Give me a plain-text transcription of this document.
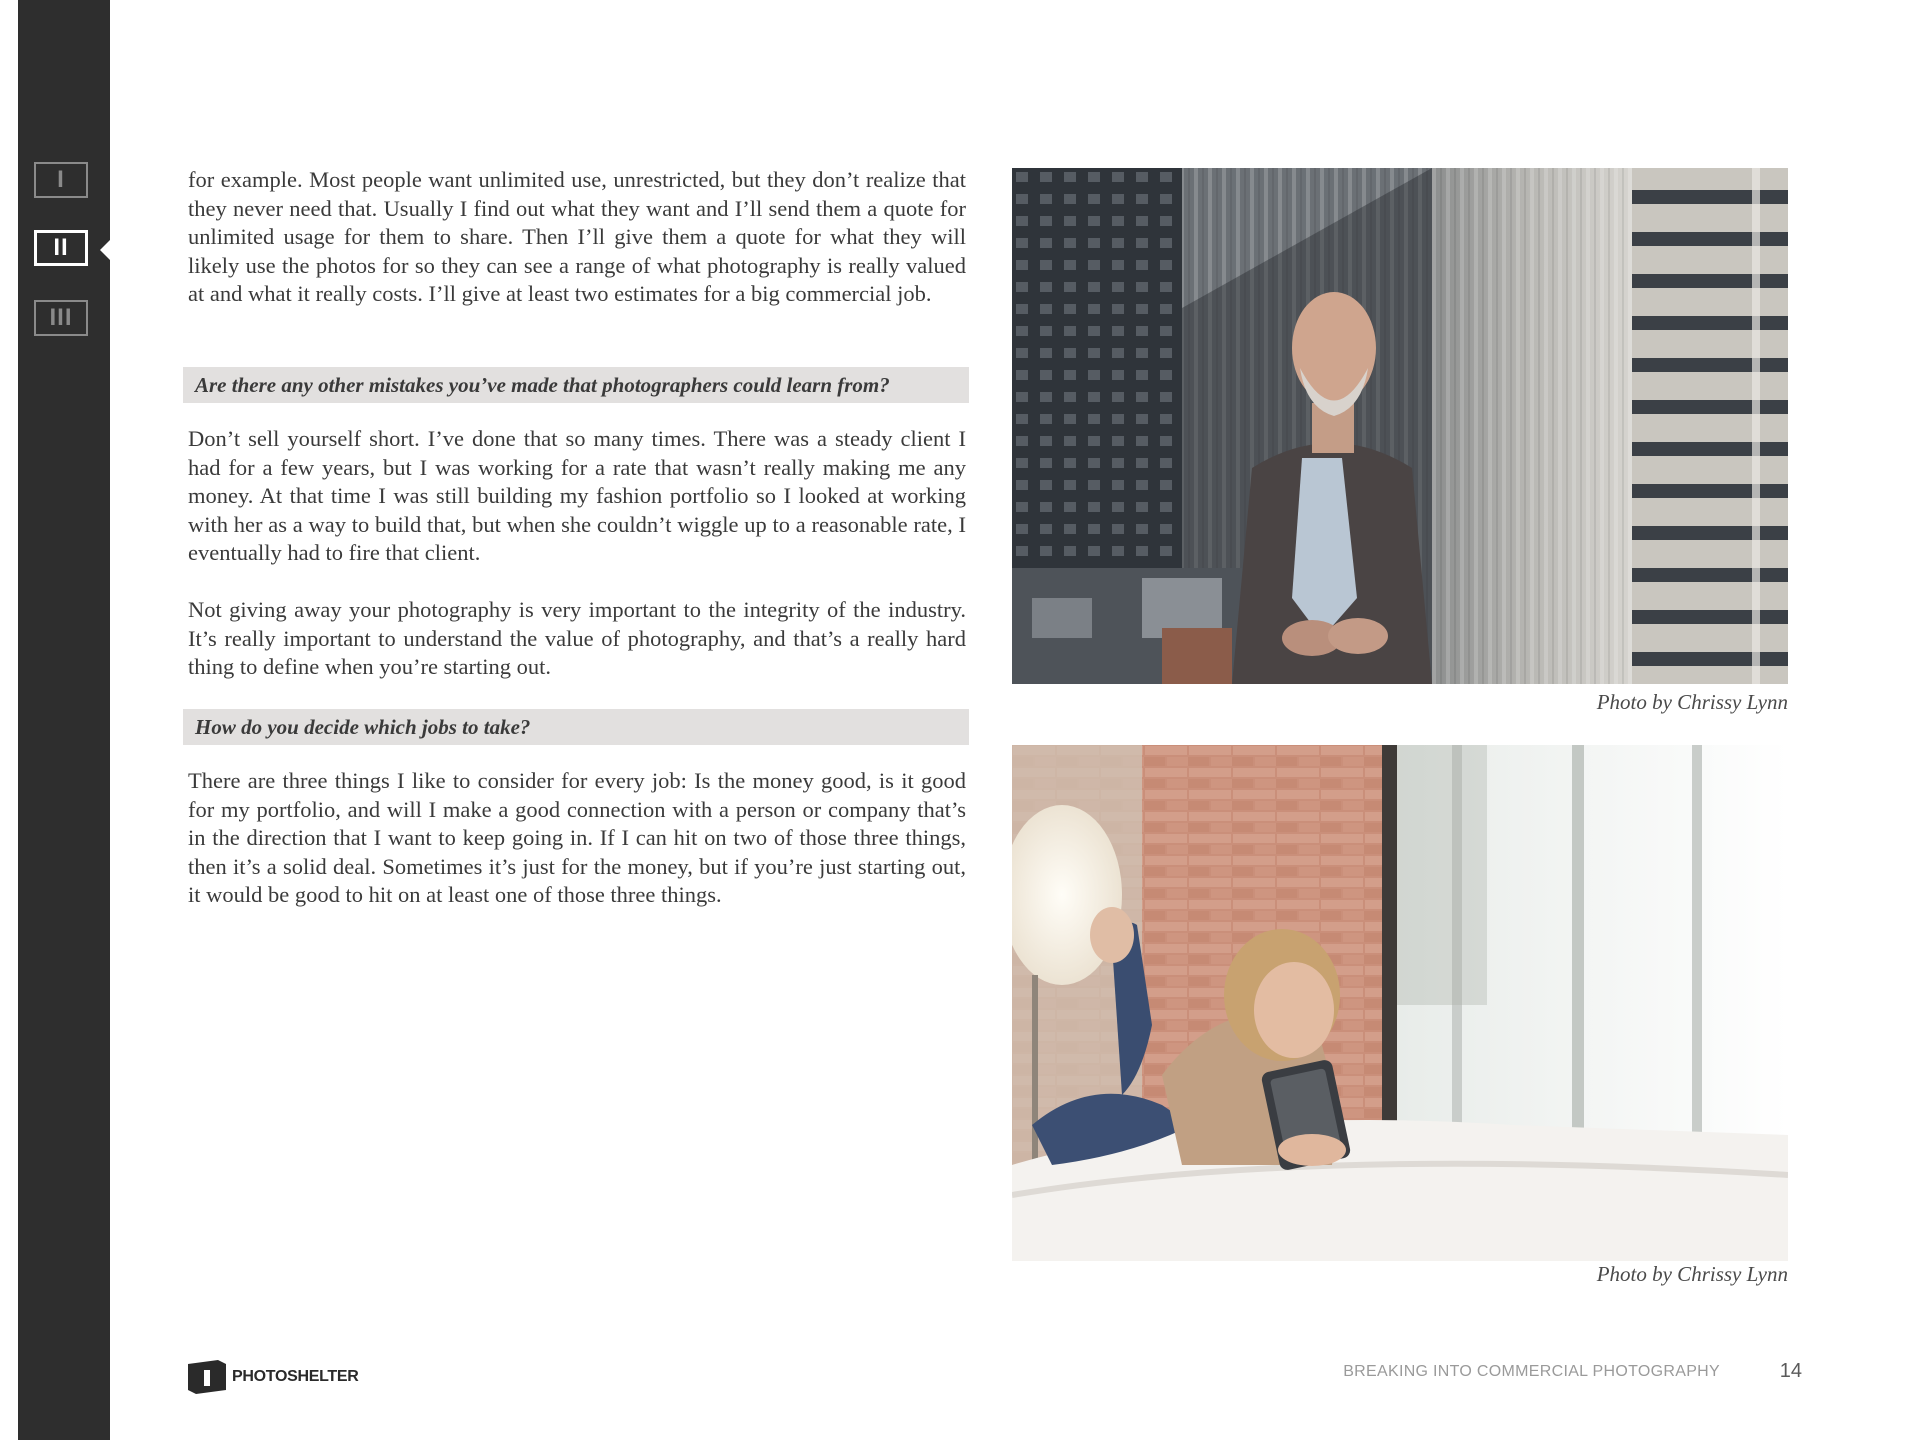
I
II
III

for example. Most people want unlimited use, unrestricted, but they don’t realize that they never need that. Usually I find out what they want and I’ll send them a quote for unlimited usage for them to share. Then I’ll give them a quote for what they will likely use the photos for so they can see a range of what photography is really valued at and what it really costs. I’ll give at least two estimates for a big commercial job.

Are there any other mistakes you’ve made that photographers could learn from?

Don’t sell yourself short. I’ve done that so many times. There was a steady client I had for a few years, but I was working for a rate that wasn’t really making me any money. At that time I was still building my fashion portfolio so I looked at working with her as a way to build that, but when she couldn’t wiggle up to a reasonable rate, I eventually had to fire that client.

Not giving away your photography is very important to the integrity of the industry. It’s really important to understand the value of photography, and that’s a really hard thing to define when you’re starting out.

How do you decide which jobs to take?

There are three things I like to consider for every job: Is the money good, is it good for my portfolio, and will I make a good connection with a person or company that’s in the direction that I want to keep going in. If I can hit on two of those three things, then it’s a solid deal. Sometimes it’s just for the money, but if you’re just starting out, it would be good to hit on at least one of those three things.

Photo by Chrissy Lynn
Photo by Chrissy Lynn
PHOTOSHELTER	BREAKING INTO COMMERCIAL PHOTOGRAPHY	14
